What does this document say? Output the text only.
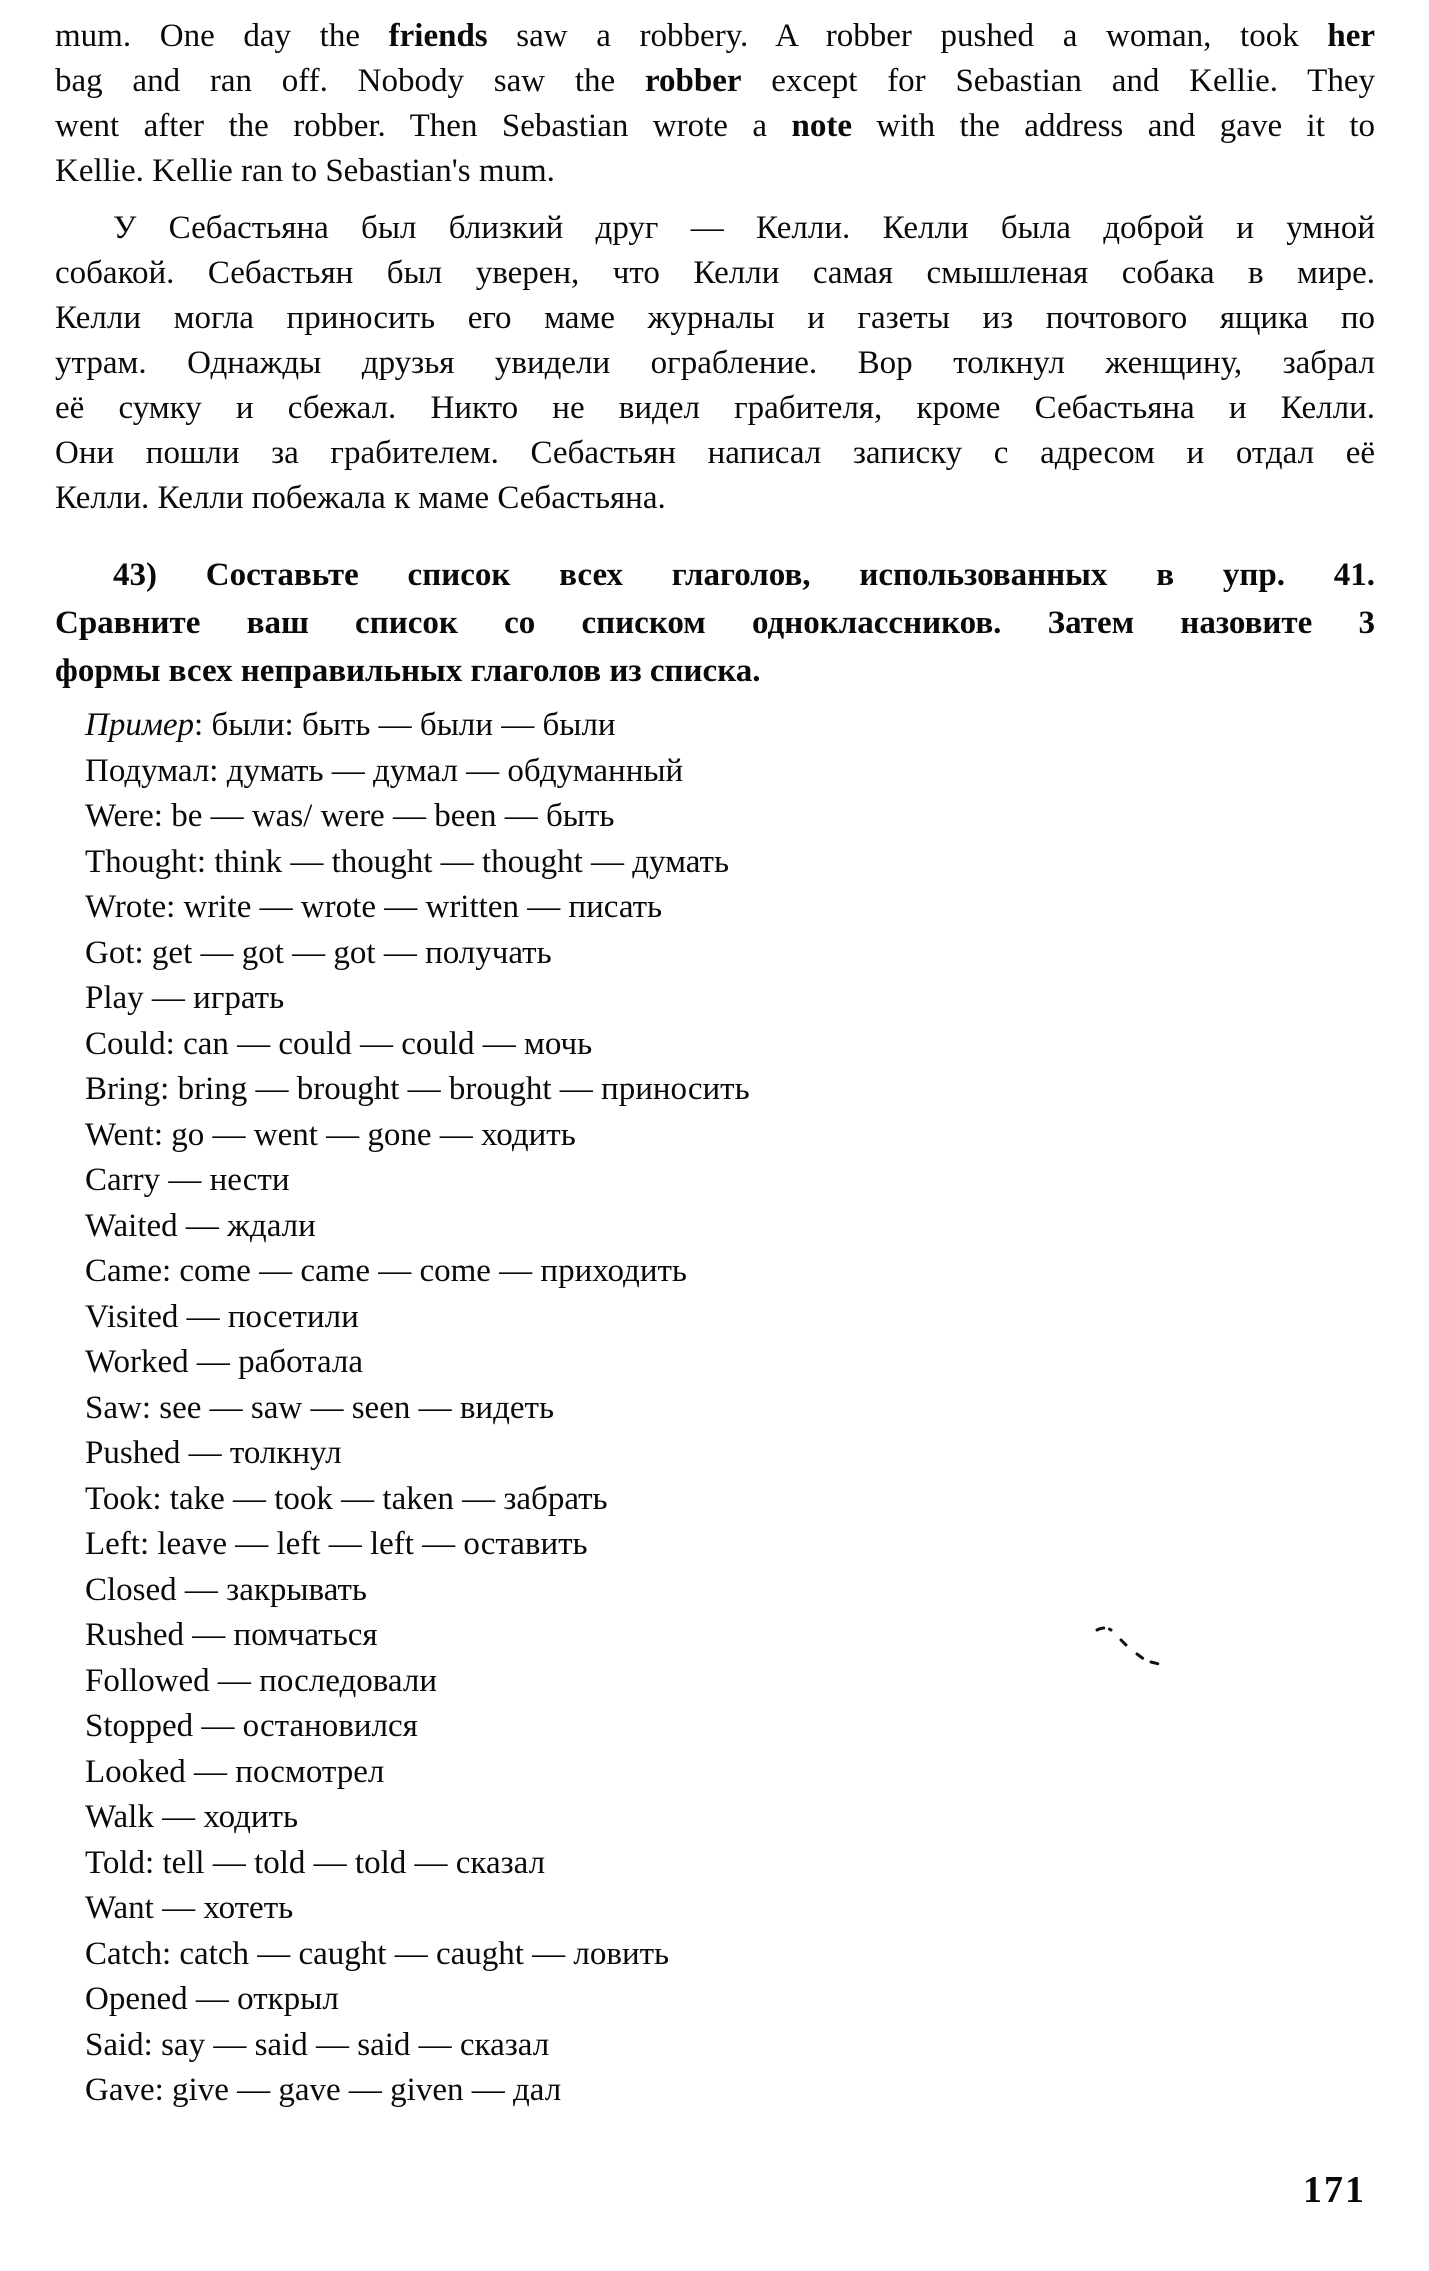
mum. One day the friends saw a robbery. A robber pushed a woman, took her
bag and ran off. Nobody saw the robber except for Sebastian and Kellie. They
went after the robber. Then Sebastian wrote a note with the address and gave it to
Kellie. Kellie ran to Sebastian's mum.
У Себастьяна был близкий друг — Келли. Келли была доброй и умной
собакой. Себастьян был уверен, что Келли самая смышленая собака в мире.
Келли могла приносить его маме журналы и газеты из почтового ящика по
утрам. Однажды друзья увидели ограбление. Вор толкнул женщину, забрал
её сумку и сбежал. Никто не видел грабителя, кроме Себастьяна и Келли.
Они пошли за грабителем. Себастьян написал записку с адресом и отдал её
Келли. Келли побежала к маме Себастьяна.
43) Составьте список всех глаголов, использованных в упр. 41.
Сравните ваш список со списком одноклассников. Затем назовите 3
формы всех неправильных глаголов из списка.
Пример: были: быть — были — были
Подумал: думать — думал — обдуманный
Were: be — was/ were — been — быть
Thought: think — thought — thought — думать
Wrote: write — wrote — written — писать
Got: get — got — got — получать
Play — играть
Could: can — could — could — мочь
Bring: bring — brought — brought — приносить
Went: go — went — gone — ходить
Carry — нести
Waited — ждали
Came: come — came — come — приходить
Visited — посетили
Worked — работала
Saw: see — saw — seen — видеть
Pushed — толкнул
Took: take — took — taken — забрать
Left: leave — left — left — оставить
Closed — закрывать
Rushed — помчаться
Followed — последовали
Stopped — остановился
Looked — посмотрел
Walk — ходить
Told: tell — told — told — сказал
Want — хотеть
Catch: catch — caught — caught — ловить
Opened — открыл
Said: say — said — said — сказал
Gave: give — gave — given — дал
171
